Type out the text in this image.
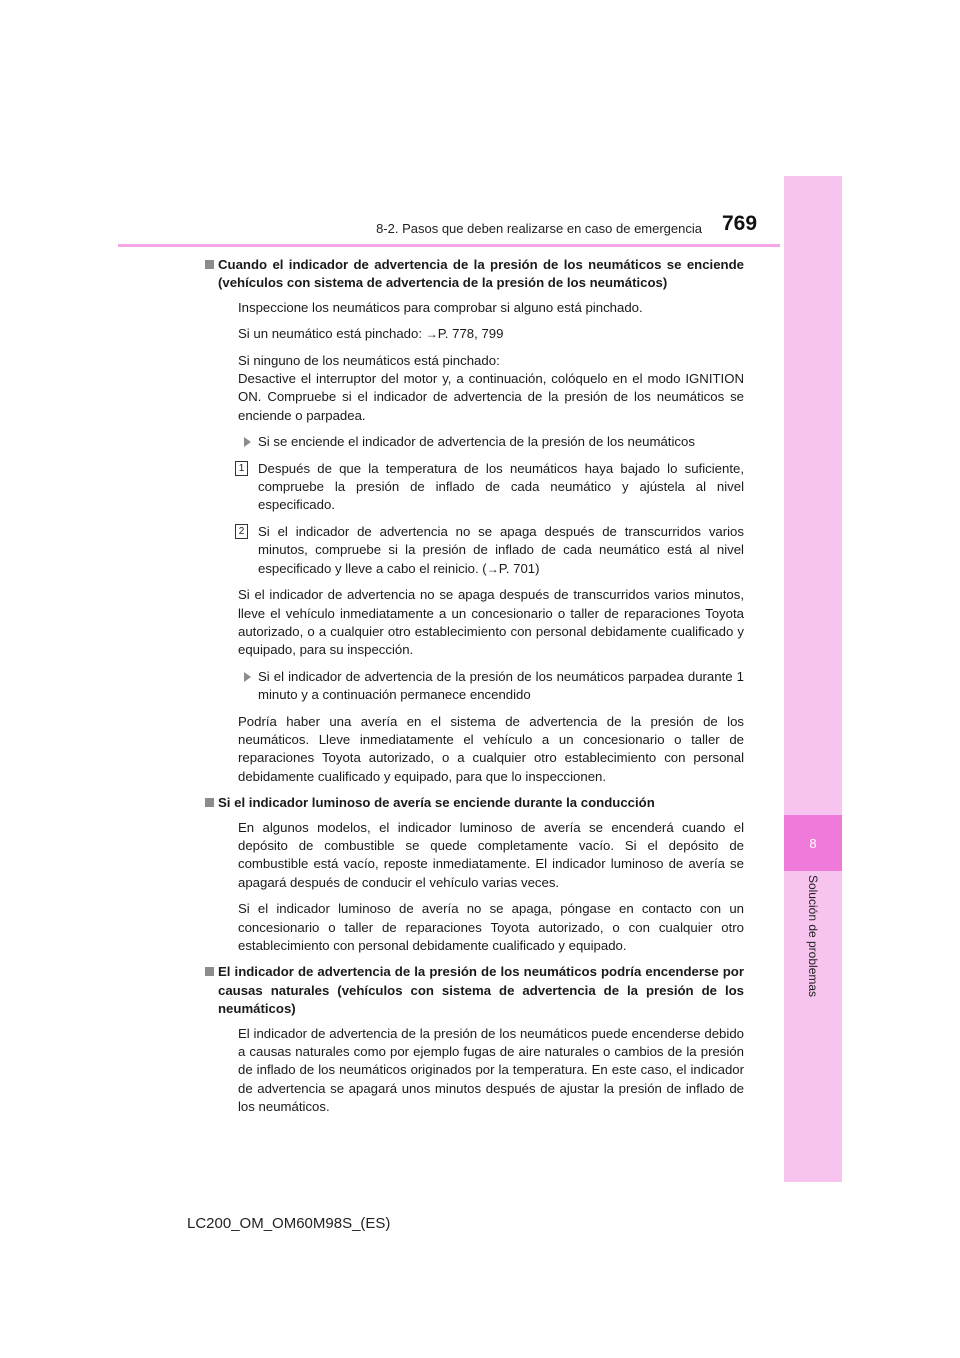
8
Solución de problemas
8-2. Pasos que deben realizarse en caso de emergencia 769
Cuando el indicador de advertencia de la presión de los neumáticos se enciende (vehículos con sistema de advertencia de la presión de los neumáticos)

Inspeccione los neumáticos para comprobar si alguno está pinchado.

Si un neumático está pinchado: →P. 778, 799

Si ninguno de los neumáticos está pinchado:
Desactive el interruptor del motor y, a continuación, colóquelo en el modo IGNITION ON. Compruebe si el indicador de advertencia de la presión de los neumáticos se enciende o parpadea.

Si se enciende el indicador de advertencia de la presión de los neumáticos
1 Después de que la temperatura de los neumáticos haya bajado lo suficiente, compruebe la presión de inflado de cada neumático y ajústela al nivel especificado.
2 Si el indicador de advertencia no se apaga después de transcurridos varios minutos, compruebe si la presión de inflado de cada neumático está al nivel especificado y lleve a cabo el reinicio. (→P. 701)

Si el indicador de advertencia no se apaga después de transcurridos varios minutos, lleve el vehículo inmediatamente a un concesionario o taller de reparaciones Toyota autorizado, o a cualquier otro establecimiento con personal debidamente cualificado y equipado, para su inspección.

Si el indicador de advertencia de la presión de los neumáticos parpadea durante 1 minuto y a continuación permanece encendido

Podría haber una avería en el sistema de advertencia de la presión de los neumáticos. Lleve inmediatamente el vehículo a un concesionario o taller de reparaciones Toyota autorizado, o a cualquier otro establecimiento con personal debidamente cualificado y equipado, para que lo inspeccionen.

Si el indicador luminoso de avería se enciende durante la conducción

En algunos modelos, el indicador luminoso de avería se encenderá cuando el depósito de combustible se quede completamente vacío. Si el depósito de combustible está vacío, reposte inmediatamente. El indicador luminoso de avería se apagará después de conducir el vehículo varias veces.

Si el indicador luminoso de avería no se apaga, póngase en contacto con un concesionario o taller de reparaciones Toyota autorizado, o con cualquier otro establecimiento con personal debidamente cualificado y equipado.

El indicador de advertencia de la presión de los neumáticos podría encenderse por causas naturales (vehículos con sistema de advertencia de la presión de los neumáticos)

El indicador de advertencia de la presión de los neumáticos puede encenderse debido a causas naturales como por ejemplo fugas de aire naturales o cambios de la presión de inflado de los neumáticos originados por la temperatura. En este caso, el indicador de advertencia se apagará unos minutos después de ajustar la presión de inflado de los neumáticos.

LC200_OM_OM60M98S_(ES)
